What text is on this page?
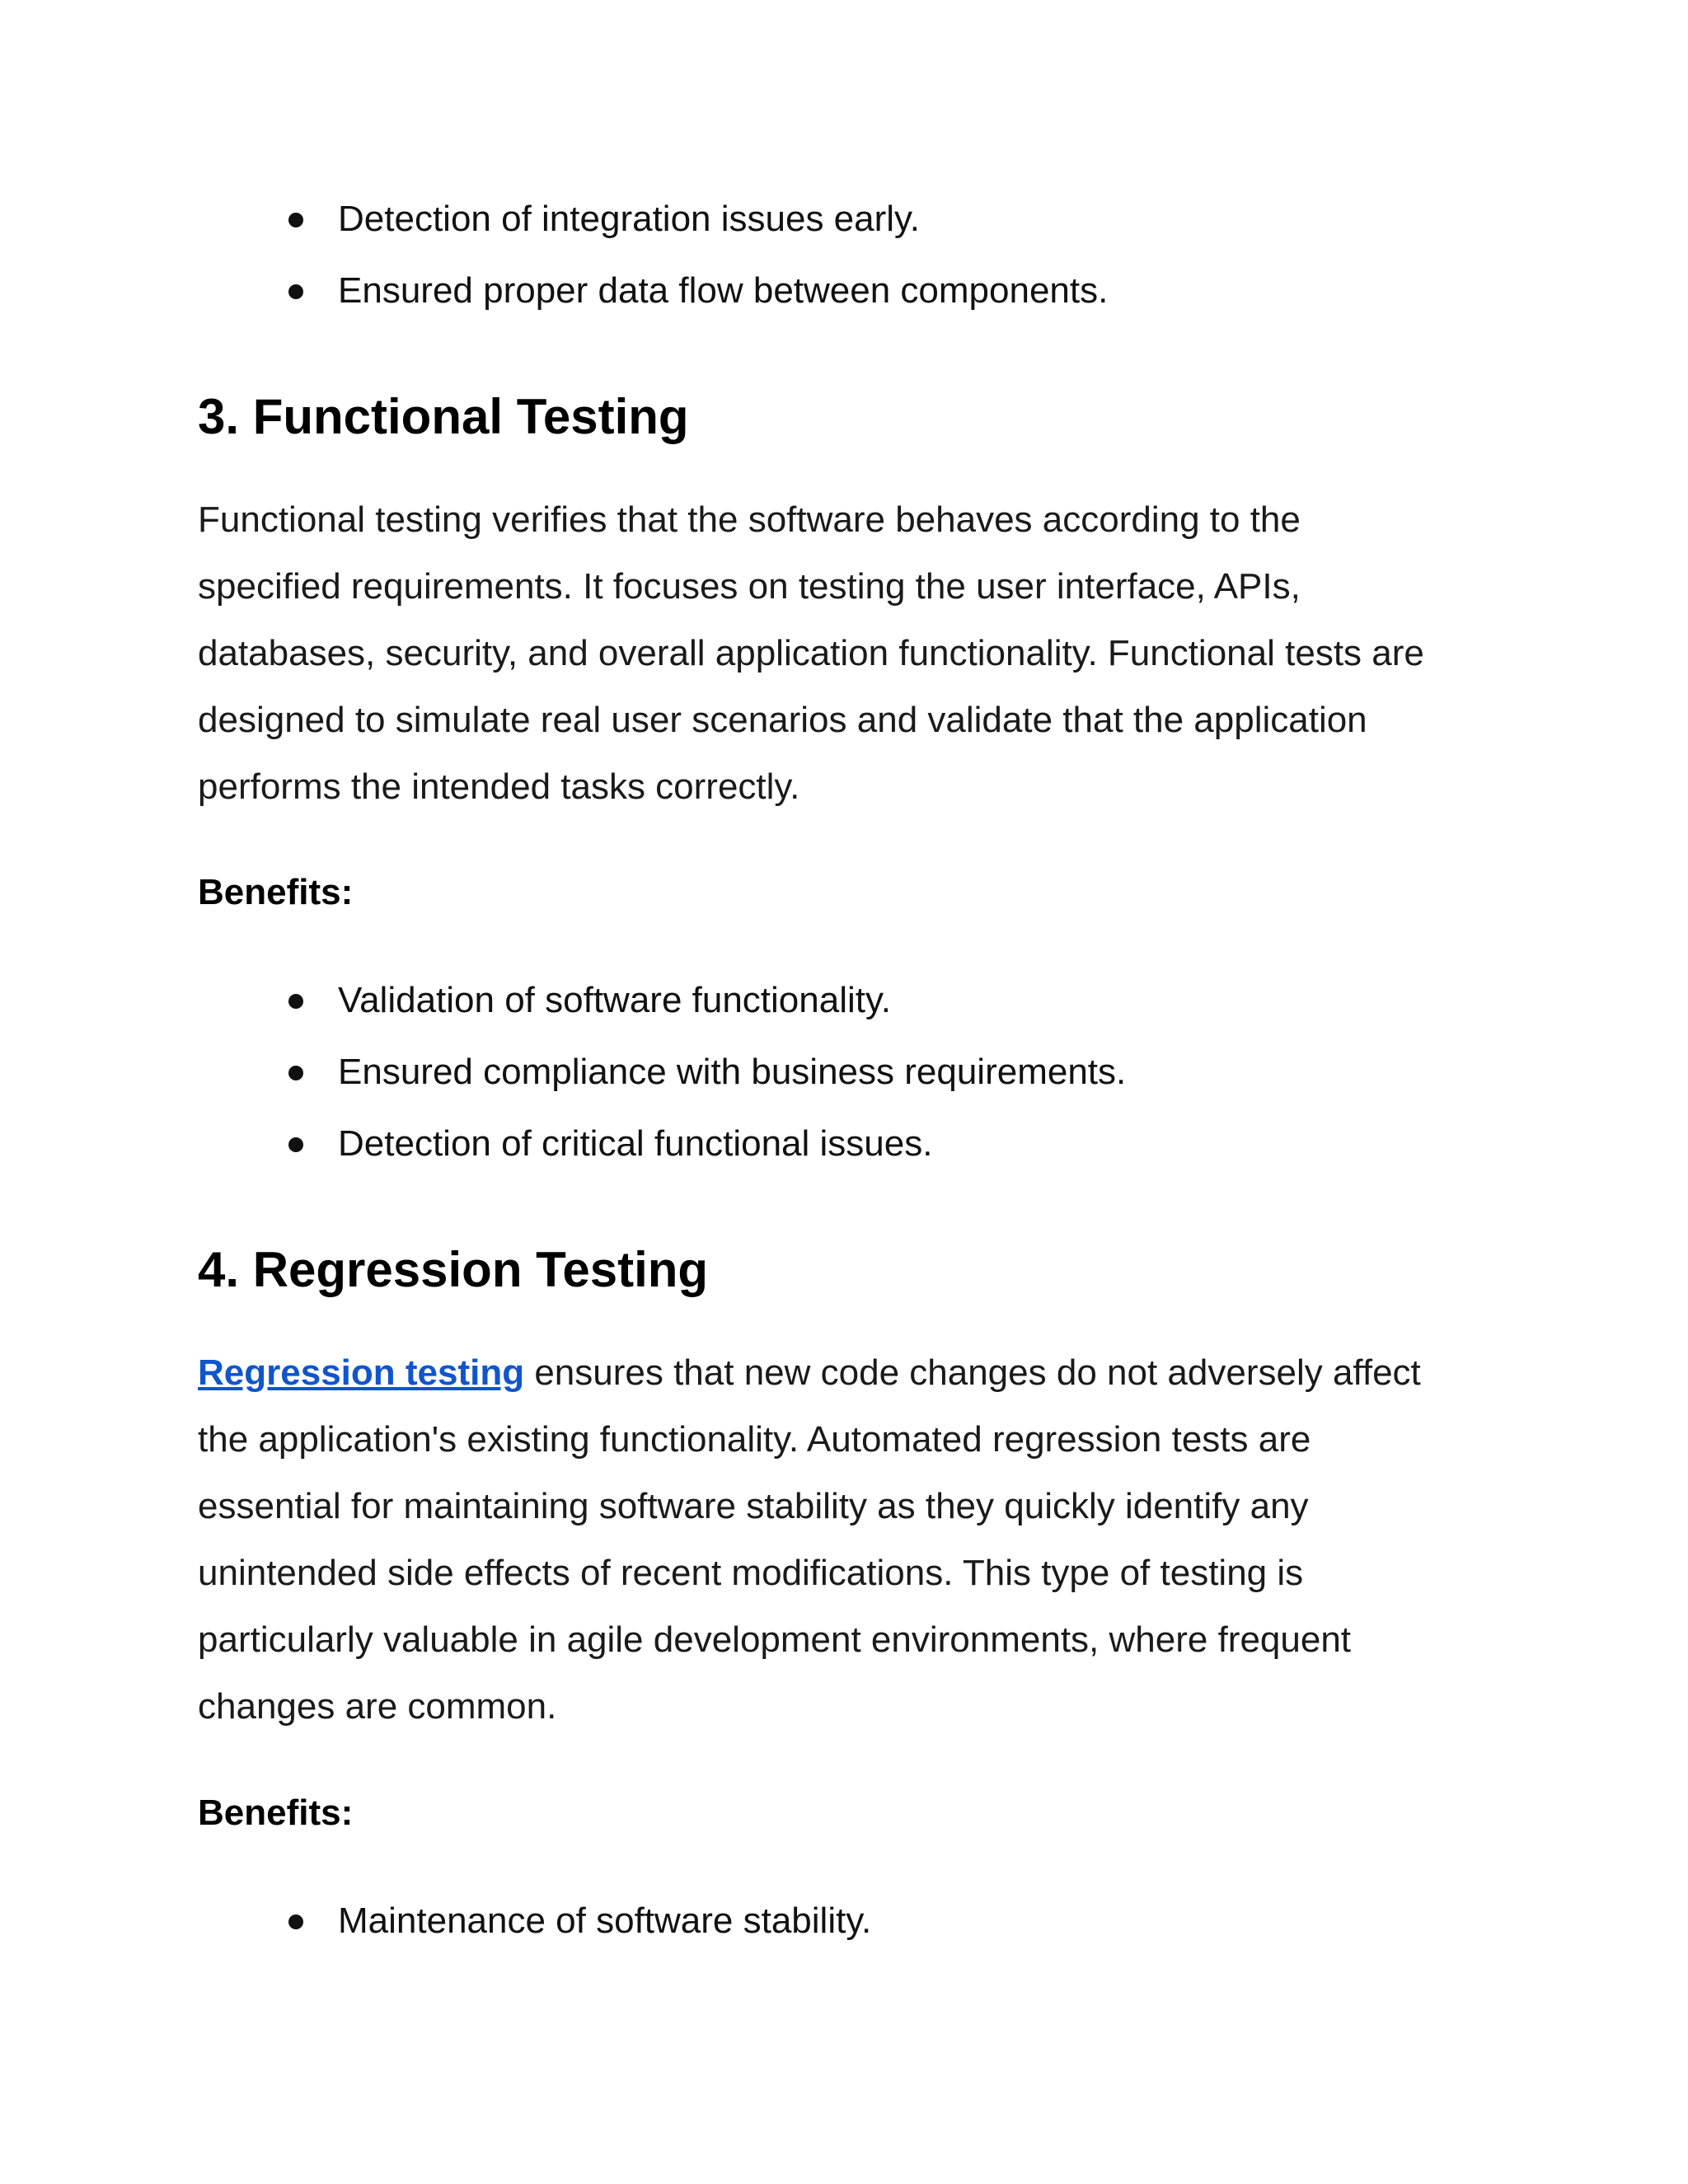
Detection of integration issues early.
Ensured proper data flow between components.
3. Functional Testing

Functional testing verifies that the software behaves according to the
specified requirements. It focuses on testing the user interface, APIs,
databases, security, and overall application functionality. Functional tests are
designed to simulate real user scenarios and validate that the application
performs the intended tasks correctly.

Benefits:

Validation of software functionality.
Ensured compliance with business requirements.
Detection of critical functional issues.
4. Regression Testing

Regression testing ensures that new code changes do not adversely affect
the application's existing functionality. Automated regression tests are
essential for maintaining software stability as they quickly identify any
unintended side effects of recent modifications. This type of testing is
particularly valuable in agile development environments, where frequent
changes are common.

Benefits:

Maintenance of software stability.
